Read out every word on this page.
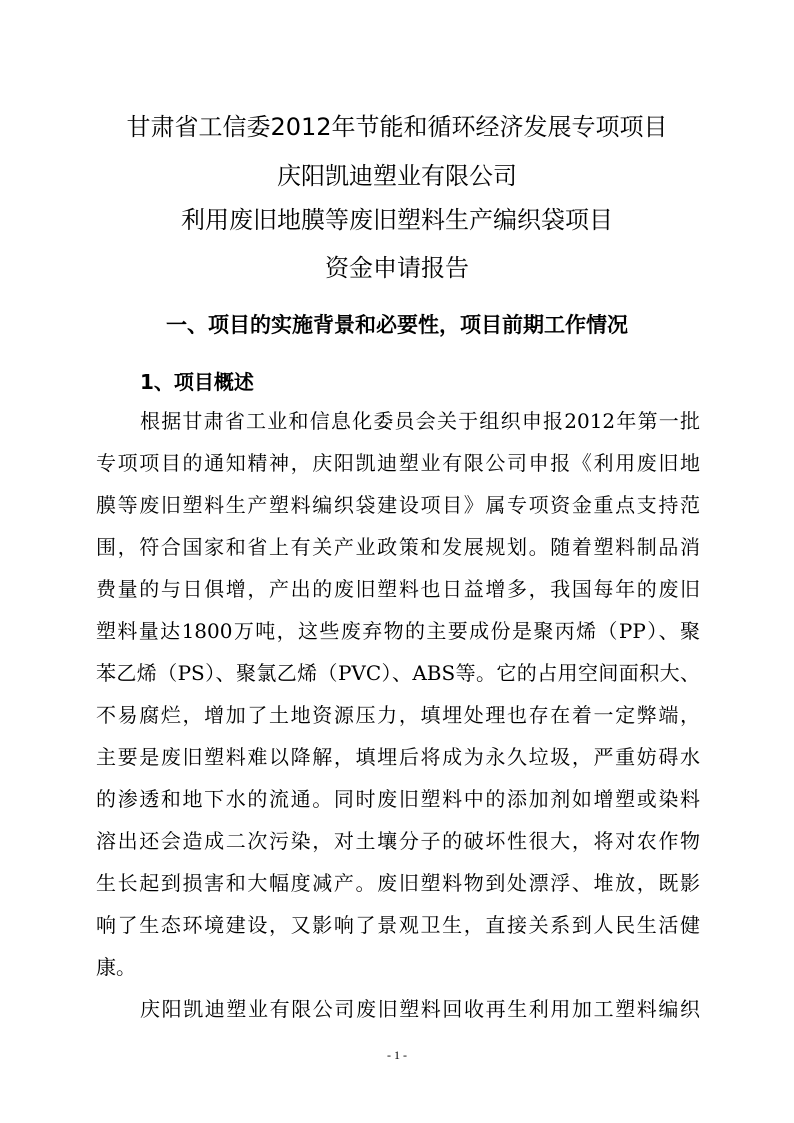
甘肃省工信委2012年节能和循环经济发展专项项目
庆阳凯迪塑业有限公司
利用废旧地膜等废旧塑料生产编织袋项目
资金申请报告
一、项目的实施背景和必要性，项目前期工作情况
1、项目概述
根据甘肃省工业和信息化委员会关于组织申报2012年第一批
专项项目的通知精神，庆阳凯迪塑业有限公司申报《利用废旧地
膜等废旧塑料生产塑料编织袋建设项目》属专项资金重点支持范
围，符合国家和省上有关产业政策和发展规划。随着塑料制品消
费量的与日俱增，产出的废旧塑料也日益增多，我国每年的废旧
塑料量达1800万吨，这些废弃物的主要成份是聚丙烯（PP）、聚
苯乙烯（PS）、聚氯乙烯（PVC）、ABS等。它的占用空间面积大、
不易腐烂，增加了土地资源压力，填埋处理也存在着一定弊端，
主要是废旧塑料难以降解，填埋后将成为永久垃圾，严重妨碍水
的渗透和地下水的流通。同时废旧塑料中的添加剂如增塑或染料
溶出还会造成二次污染，对土壤分子的破坏性很大，将对农作物
生长起到损害和大幅度减产。废旧塑料物到处漂浮、堆放，既影
响了生态环境建设，又影响了景观卫生，直接关系到人民生活健
康。
庆阳凯迪塑业有限公司废旧塑料回收再生利用加工塑料编织
- 1 -
